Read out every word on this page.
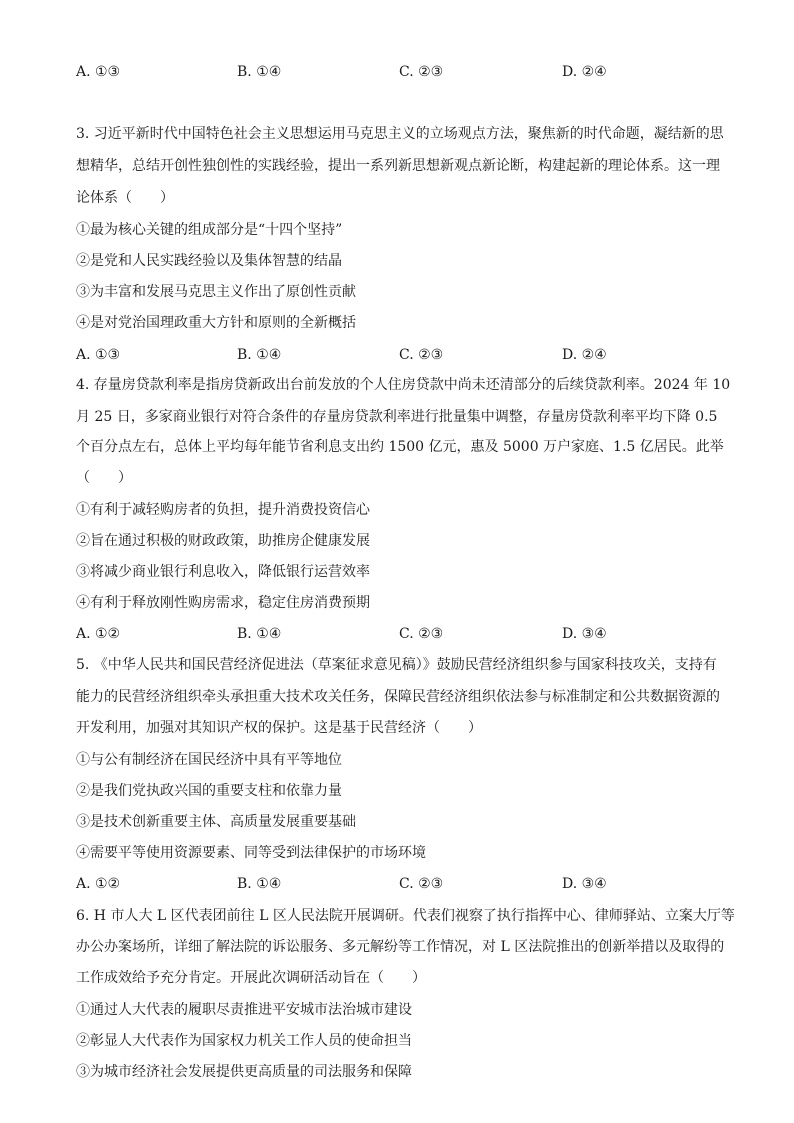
A. ①③	B. ①④	C. ②③	D. ②④
3. 习近平新时代中国特色社会主义思想运用马克思主义的立场观点方法，聚焦新的时代命题，凝结新的思
想精华，总结开创性独创性的实践经验，提出一系列新思想新观点新论断，构建起新的理论体系。这一理
论体系（　　）
①最为核心关键的组成部分是“十四个坚持”
②是党和人民实践经验以及集体智慧的结晶
③为丰富和发展马克思主义作出了原创性贡献
④是对党治国理政重大方针和原则的全新概括
A. ①③	B. ①④	C. ②③	D. ②④
4. 存量房贷款利率是指房贷新政出台前发放的个人住房贷款中尚未还清部分的后续贷款利率。2024 年 10
月 25 日，多家商业银行对符合条件的存量房贷款利率进行批量集中调整，存量房贷款利率平均下降 0.5
个百分点左右，总体上平均每年能节省利息支出约 1500 亿元，惠及 5000 万户家庭、1.5 亿居民。此举
（　　）
①有利于减轻购房者的负担，提升消费投资信心
②旨在通过积极的财政政策，助推房企健康发展
③将减少商业银行利息收入，降低银行运营效率
④有利于释放刚性购房需求，稳定住房消费预期
A. ①②	B. ①④	C. ②③	D. ③④
5. 《中华人民共和国民营经济促进法（草案征求意见稿）》鼓励民营经济组织参与国家科技攻关，支持有
能力的民营经济组织牵头承担重大技术攻关任务，保障民营经济组织依法参与标准制定和公共数据资源的
开发利用，加强对其知识产权的保护。这是基于民营经济（　　）
①与公有制经济在国民经济中具有平等地位
②是我们党执政兴国的重要支柱和依靠力量
③是技术创新重要主体、高质量发展重要基础
④需要平等使用资源要素、同等受到法律保护的市场环境
A. ①②	B. ①④	C. ②③	D. ③④
6. H 市人大 L 区代表团前往 L 区人民法院开展调研。代表们视察了执行指挥中心、律师驿站、立案大厅等
办公办案场所，详细了解法院的诉讼服务、多元解纷等工作情况，对 L 区法院推出的创新举措以及取得的
工作成效给予充分肯定。开展此次调研活动旨在（　　）
①通过人大代表的履职尽责推进平安城市法治城市建设
②彰显人大代表作为国家权力机关工作人员的使命担当
③为城市经济社会发展提供更高质量的司法服务和保障
